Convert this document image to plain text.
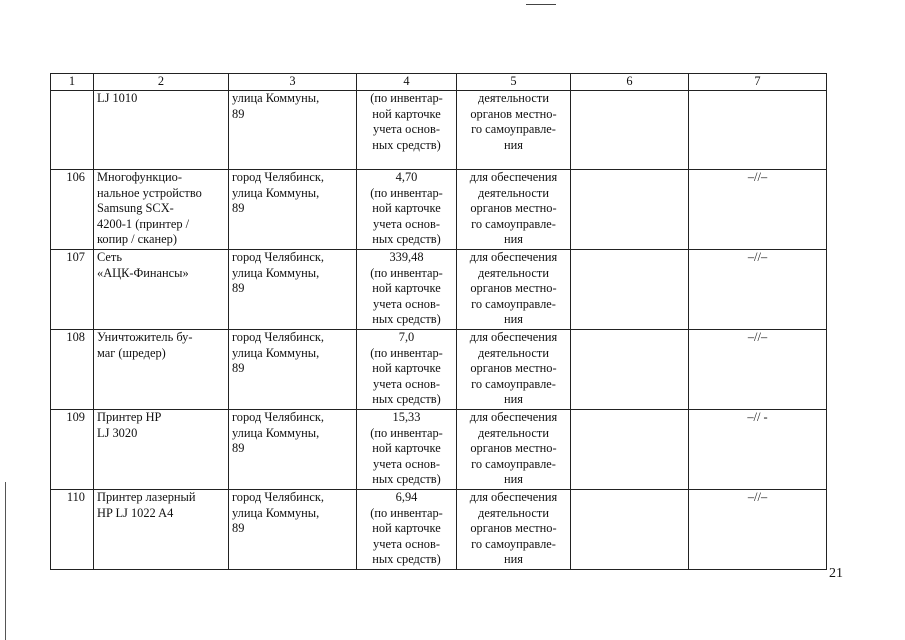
1	2	3	4	5	6	7

	LJ 1010	улица Коммуны,
89	(по инвентар-
ной карточке
учета основ-
ных средств)	деятельности
органов местно-
го самоуправле-
ния		

106	Многофункцио-
нальное устройство
Samsung SCX-
4200-1 (принтер /
копир / сканер)	город Челябинск,
улица Коммуны,
89	4,70
(по инвентар-
ной карточке
учета основ-
ных средств)	для обеспечения
деятельности
органов местно-
го самоуправле-
ния		–//–

107	Сеть
«АЦК-Финансы»	город Челябинск,
улица Коммуны,
89	339,48
(по инвентар-
ной карточке
учета основ-
ных средств)	для обеспечения
деятельности
органов местно-
го самоуправле-
ния		–//–

108	Уничтожитель бу-
маг (шредер)	город Челябинск,
улица Коммуны,
89	7,0
(по инвентар-
ной карточке
учета основ-
ных средств)	для обеспечения
деятельности
органов местно-
го самоуправле-
ния		–//–

109	Принтер HP
LJ 3020	город Челябинск,
улица Коммуны,
89	15,33
(по инвентар-
ной карточке
учета основ-
ных средств)	для обеспечения
деятельности
органов местно-
го самоуправле-
ния		–// -

110	Принтер лазерный
HP LJ 1022 A4	город Челябинск,
улица Коммуны,
89	6,94
(по инвентар-
ной карточке
учета основ-
ных средств)	для обеспечения
деятельности
органов местно-
го самоуправле-
ния		–//–
21
